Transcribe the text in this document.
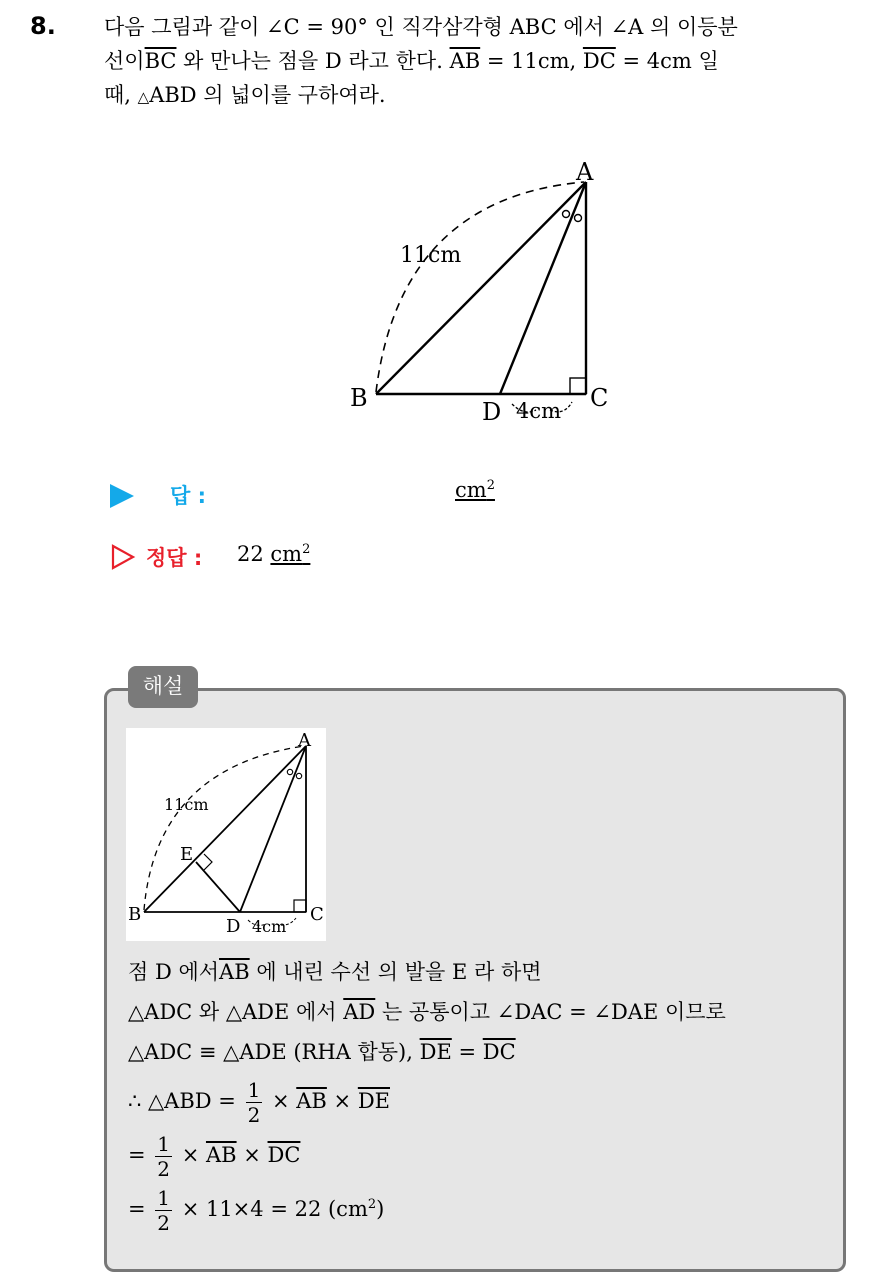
8. 다음 그림과 같이 ∠C = 90° 인 직각삼각형 ABC 에서 ∠A 의 이등분
선이$\overline{BC}$ 와 만나는 점을 D 라고 한다. $\overline{AB} = 11cm$, $\overline{DC} = 4cm$ 일
때, △ABD 의 넓이를 구하여라.
A
B	C
D
11cm
4cm
답 :	$cm^2$
정답 : 22 $cm^2$
해설
A
B	C
D
E
11cm
4cm
점 D 에서$\overline{AB}$ 에 내린 수선 의 발을 E 라 하면
△ADC 와 △ADE 에서 $\overline{AD}$ 는 공통이고 ∠DAC = ∠DAE 이므로
△ADC ≡ △ADE (RHA 합동), $\overline{DE} = \overline{DC}$
∴ △ABD = $\frac{1}{2} \times \overline{AB} \times \overline{DE}$
= $\frac{1}{2} \times \overline{AB} \times \overline{DC}$
= $\frac{1}{2} \times 11\times 4 = 22$ $(cm^2)$
